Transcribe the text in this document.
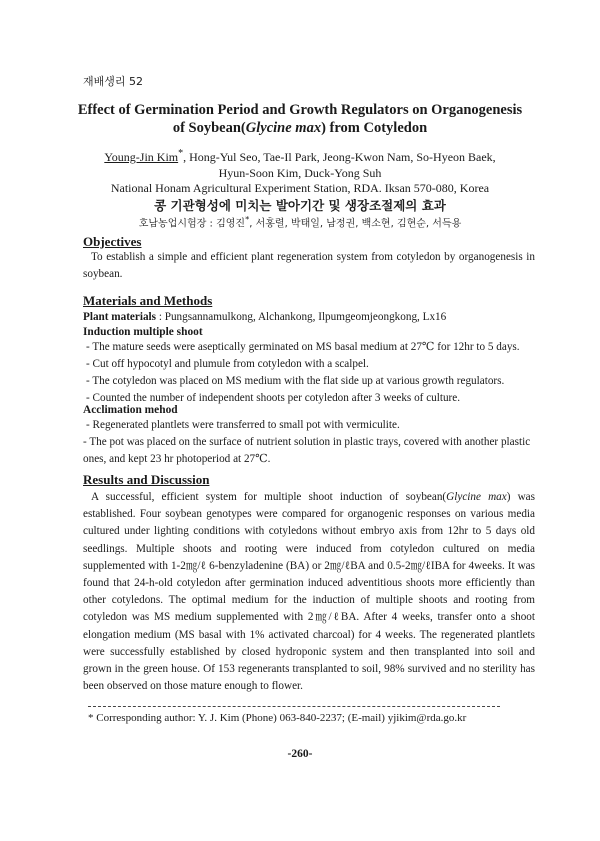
재배생리 52
Effect of Germination Period and Growth Regulators on Organogenesis
of Soybean(Glycine max) from Cotyledon
Young-Jin Kim*, Hong-Yul Seo, Tae-Il Park, Jeong-Kwon Nam, So-Hyeon Baek,
Hyun-Soon Kim, Duck-Yong Suh
National Honam Agricultural Experiment Station, RDA. Iksan 570-080, Korea
콩 기관형성에 미치는 발아기간 및 생장조절제의 효과
호남농업시험장 : 김영진*, 서홍렬, 박태일, 남정권, 백소현, 김현순, 서득용
Objectives
To establish a simple and efficient plant regeneration system from cotyledon by organogenesis in soybean.
Materials and Methods
Plant materials : Pungsannamulkong, Alchankong, Ilpumgeomjeongkong, Lx16
Induction multiple shoot
- The mature seeds were aseptically germinated on MS basal medium at 27℃ for 12hr to 5 days.
- Cut off hypocotyl and plumule from cotyledon with a scalpel.
- The cotyledon was placed on MS medium with the flat side up at various growth regulators.
- Counted the number of independent shoots per cotyledon after 3 weeks of culture.
Acclimation mehod
- Regenerated plantlets were transferred to small pot with vermiculite.
- The pot was placed on the surface of nutrient solution in plastic trays, covered with another plastic ones, and kept 23 hr photoperiod at 27℃.
Results and Discussion
A successful, efficient system for multiple shoot induction of soybean(Glycine max) was established. Four soybean genotypes were compared for organogenic responses on various media cultured under lighting conditions with cotyledons without embryo axis from 12hr to 5 days old seedlings. Multiple shoots and rooting were induced from cotyledon cultured on media supplemented with 1-2㎎/ℓ 6-benzyladenine (BA) or 2㎎/ℓBA and 0.5-2㎎/ℓIBA for 4weeks. It was found that 24-h-old cotyledon after germination induced adventitious shoots more efficiently than other cotyledons. The optimal medium for the induction of multiple shoots and rooting from cotyledon was MS medium supplemented with 2㎎/ℓBA. After 4 weeks, transfer onto a shoot elongation medium (MS basal with 1% activated charcoal) for 4 weeks. The regenerated plantlets were successfully established by closed hydroponic system and then transplanted into soil and grown in the green house. Of 153 regenerants transplanted to soil, 98% survived and no sterility has been observed on those mature enough to flower.
* Corresponding author: Y. J. Kim (Phone) 063-840-2237; (E-mail) yjikim@rda.go.kr
-260-
